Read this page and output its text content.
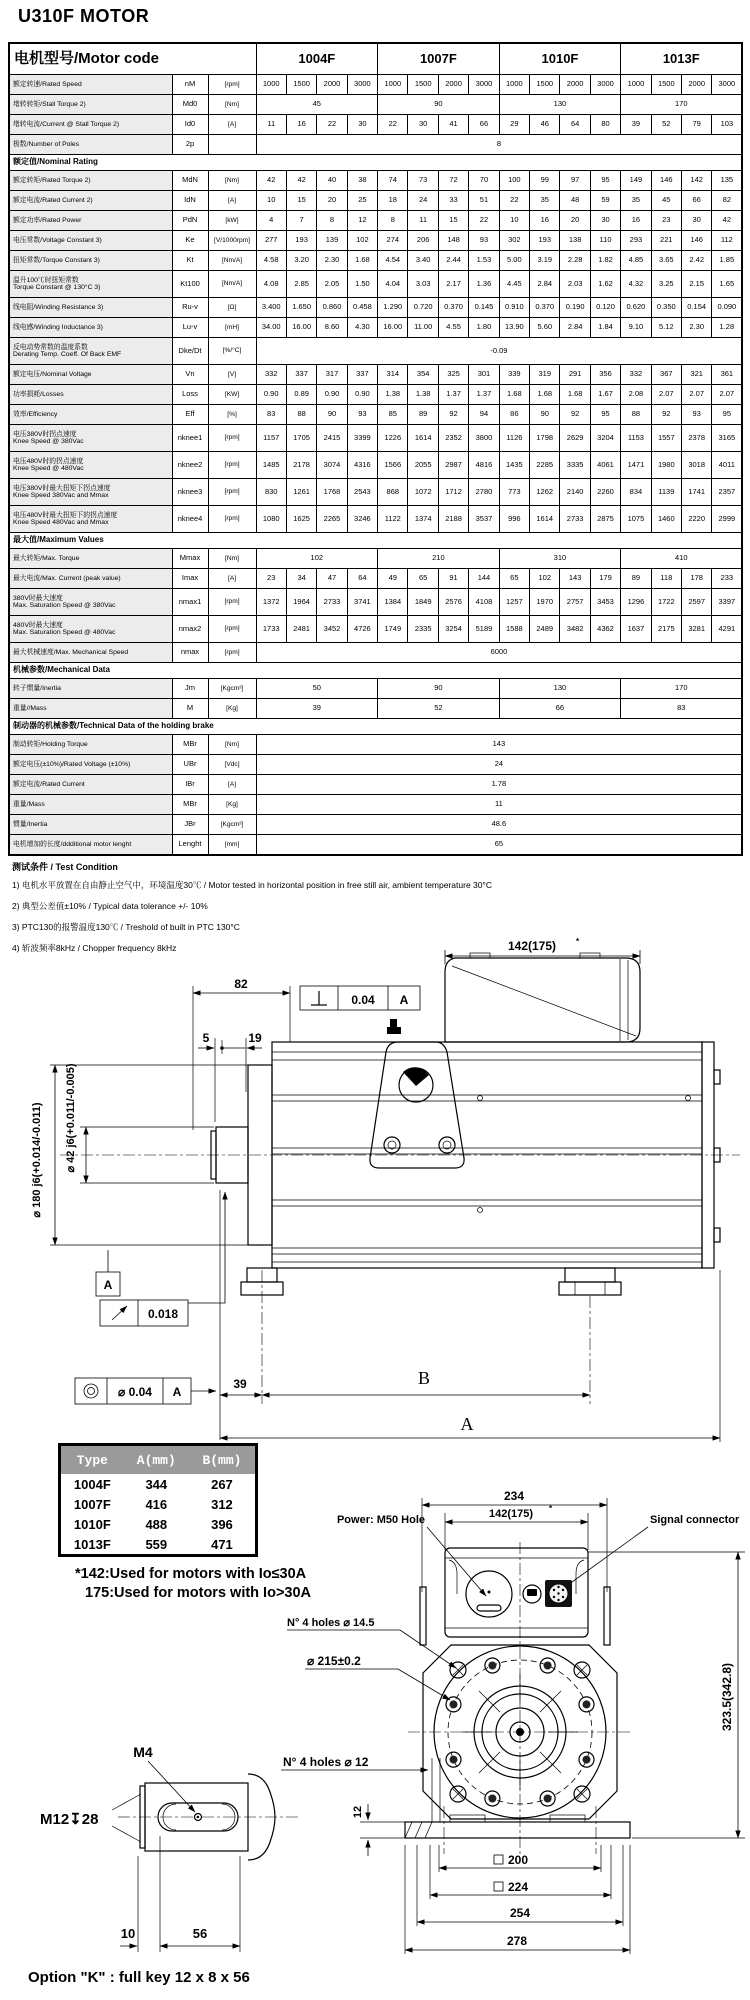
U310F MOTOR
电机型号/Motor code			1004F				1007F				1010F				1013F			
额定转速/Rated Speed	nM	[rpm]	1000	1500	2000	3000	1000	1500	2000	3000	1000	1500	2000	3000	1000	1500	2000	3000
堵转转矩/Stall Torque 2)	Md0	[Nm]	45				90				130				170			
堵转电流/Current @ Stall Torque 2)	Id0	[A]	11	16	22	30	22	30	41	66	29	46	64	80	39	52	79	103
极数/Number of Poles	2p		8															
额定值/Nominal Rating																		
额定转矩/Rated Torque 2)	MdN	[Nm]	42	42	40	38	74	73	72	70	100	99	97	95	149	146	142	135
额定电流/Rated Current 2)	IdN	[A]	10	15	20	25	18	24	33	51	22	35	48	59	35	45	66	82
额定功率/Rated Power	PdN	[kW]	4	7	8	12	8	11	15	22	10	16	20	30	16	23	30	42
电压常数/Voltage Constant 3)	Ke	[V/1000rpm]	277	193	139	102	274	206	148	93	302	193	138	110	293	221	146	112
扭矩常数/Torque Constant 3)	Kt	[Nm/A]	4.58	3.20	2.30	1.68	4.54	3.40	2.44	1.53	5.00	3.19	2.28	1.82	4.85	3.65	2.42	1.85
温升100℃时扭矩常数
Torque Constant @ 130°C 3)	Kt100	[Nm/A]	4.08	2.85	2.05	1.50	4.04	3.03	2.17	1.36	4.45	2.84	2.03	1.62	4.32	3.25	2.15	1.65
线电阻/Winding Resistance 3)	Ru-v	[Ω]	3.400	1.650	0.860	0.458	1.290	0.720	0.370	0.145	0.910	0.370	0.190	0.120	0.620	0.350	0.154	0.090
线电感/Winding Inductance 3)	Lu-v	[mH]	34.00	16.00	8.60	4.30	16.00	11.00	4.55	1.80	13.90	5.60	2.84	1.84	9.10	5.12	2.30	1.28
反电动势常数的温度系数
Derating Temp. Coeff. Of Back EMF	Dke/Dt	[%/°C]	-0.09															
额定电压/Nominal Voltage	Vn	[V]	332	337	317	337	314	354	325	301	339	319	291	356	332	367	321	361
功率损耗/Losses	Loss	[KW]	0.90	0.89	0.90	0.90	1.38	1.38	1.37	1.37	1.68	1.68	1.68	1.67	2.08	2.07	2.07	2.07
效率/Efficiency	Eff	[%]	83	88	90	93	85	89	92	94	86	90	92	95	88	92	93	95
电压380V时拐点速度
Knee Speed @ 380Vac	nknee1	[rpm]	1157	1705	2415	3399	1226	1614	2352	3800	1126	1798	2629	3204	1153	1557	2378	3165
电压480V时的拐点速度
Knee Speed @ 480Vac	nknee2	[rpm]	1485	2178	3074	4316	1566	2055	2987	4816	1435	2285	3335	4061	1471	1980	3018	4011
电压380V时最大扭矩下拐点速度
Knee Speed 380Vac and Mmax	nknee3	[rpm]	830	1261	1768	2543	868	1072	1712	2780	773	1262	2140	2260	834	1139	1741	2357
电压480V时最大扭矩下的拐点速度
Knee Speed 480Vac and Mmax	nknee4	[rpm]	1080	1625	2265	3246	1122	1374	2188	3537	996	1614	2733	2875	1075	1460	2220	2999
最大值/Maximum Values																		
最大转矩/Max. Torque	Mmax	[Nm]	102				210				310				410			
最大电流/Max. Current (peak value)	Imax	[A]	23	34	47	64	49	65	91	144	65	102	143	179	89	118	178	233
380V时最大速度
Max. Saturation Speed @ 380Vac	nmax1	[rpm]	1372	1964	2733	3741	1384	1849	2576	4108	1257	1970	2757	3453	1296	1722	2597	3397
480V时最大速度
Max. Saturation Speed @ 480Vac	nmax2	[rpm]	1733	2481	3452	4726	1749	2335	3254	5189	1588	2489	3482	4362	1637	2175	3281	4291
最大机械速度/Max. Mechanical Speed	nmax	[rpm]	6000															
机械参数/Mechanical Data																		
转子惯量/Inertia	Jm	[Kgcm²]	50				90				130				170			
重量//Mass	M	[Kg]	39				52				66				83			
制动器的机械参数/Technical Data of the holding brake																		
制动转矩/Holding Torque	MBr	[Nm]	143															
额定电压(±10%)/Rated Voltage (±10%)	UBr	[Vdc]	24															
额定电流/Rated Current	IBr	[A]	1.78															
重量/Mass	MBr	[Kg]	11															
惯量/Inertia	JBr	[Kgcm²]	48.6															
电机增加的长度/ddditional motor lenght	Lenght	[mm]	65															
测试条件 / Test Condition
1) 电机水平放置在自由静止空气中，环境温度30℃ / Motor tested in horizontal position in free still air, ambient temperature 30°C
2) 典型公差值±10% / Typical data tolerance +/- 10%
3) PTC130的报警温度130℃ / Treshold of built in PTC 130°C
4) 斩波频率8kHz / Chopper frequency 8kHz	142(175) *
82
0.04 A
5	19
⌀ 42 j6(+0.011/-0.005)
⌀ 180 j6(+0.014/-0.011)
A
0.018
⌀ 0.04 A
39	B
A
234
142(175) *
Power: M50 Hole	Signal connector
N° 4 holes ⌀ 14.5
⌀ 215±0.2
N° 4 holes ⌀ 12
12
323.5(342.8)
200
224
254
278
M4
M12↧28
10	56
Option "K" : full key 12 x 8 x 56
Type	A(mm)	B(mm)
1004F	344	267
1007F	416	312
1010F	488	396
1013F	559	471
*142:Used for motors with Io≤30A
175:Used for motors with Io>30A
